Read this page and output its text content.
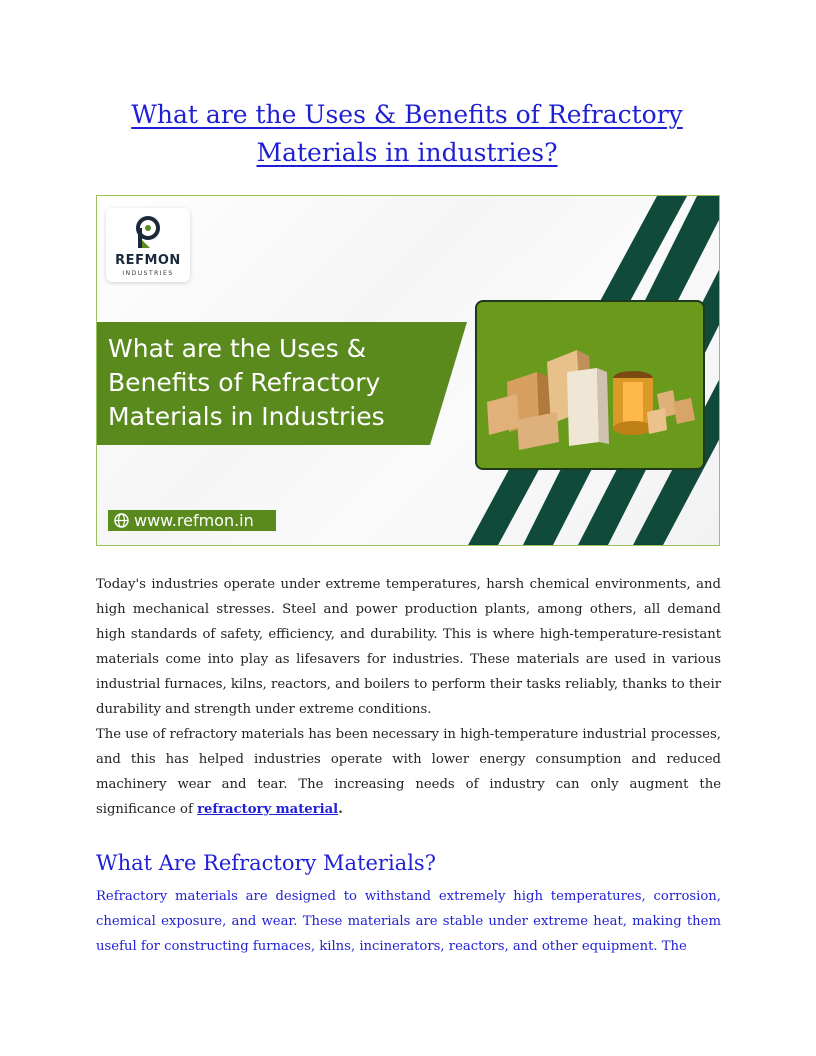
What are the Uses & Benefits of Refractory Materials in industries?
REFMON
INDUSTRIES
What are the Uses & Benefits of Refractory Materials in Industries
www.refmon.in

Today's industries operate under extreme temperatures, harsh chemical environments, and high mechanical stresses. Steel and power production plants, among others, all demand high standards of safety, efficiency, and durability. This is where high-temperature-resistant materials come into play as lifesavers for industries. These materials are used in various industrial furnaces, kilns, reactors, and boilers to perform their tasks reliably, thanks to their durability and strength under extreme conditions.

The use of refractory materials has been necessary in high-temperature industrial processes, and this has helped industries operate with lower energy consumption and reduced machinery wear and tear. The increasing needs of industry can only augment the significance of refractory material.

What Are Refractory Materials?

Refractory materials are designed to withstand extremely high temperatures, corrosion, chemical exposure, and wear. These materials are stable under extreme heat, making them useful for constructing furnaces, kilns, incinerators, reactors, and other equipment. The
